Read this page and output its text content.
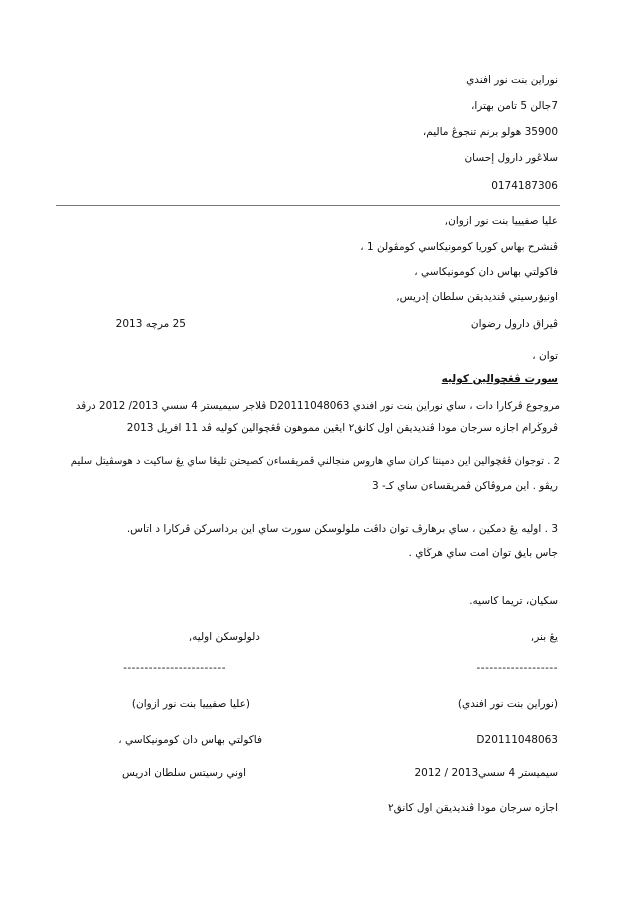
نوراين بنت نور افندي
7جالن 5 تامن بهترا،
35900 هولو برنم تنجوڠ ماليم،
سلاڠور دارول إحسان
0174187306
عليا صفيييا بنت نور ازوان,
ڤنشرح بهاس كوريا كومونيكاسي كومڤولن 1 ،
فاكولتي بهاس دان كومونيكاسي ،
اونيۏرسيتي ڤنديديقن سلطان إدريس,
ڤيراق دارول رضوان
25 مرچه 2013
توان ،
سورت ڤڠچوالين كوليه
مروجوع ڤركارا دات ، ساي نوراين بنت نور افندي D20111048063 ڤلاجر سيميستر 4 سسي 2013/ 2012 درڤد
ڤروڬرام اجازه سرجان مودا ڤنديديقن اول كانق٢ ايڠين مموهون ڤڠچوالين كوليه ڤد 11 افريل 2013
2 . توجوان ڤڠچوالين اين دمينتا كران ساي هاروس منجالني ڤمريقساءن كصيحتن تليڠا ساي يڠ ساكيت د هوسڤيتل سليم
ريڤو . اين مروڤاكن ڤمريقساءن ساي كـ- 3
3 . اوليه يڠ دمكين ، ساي برهارڤ توان داڤت ملولوسكن سورت ساي اين برداسركن ڤركارا د اتاس.
جاس بايق توان امت ساي هرڬاي .
سكيان، تريما كاسيه.
يڠ بنر,
دلولوسكن اوليه,
-------------------
------------------------
(نوراين بنت نور افندي)
(عليا صفيييا بنت نور ازوان)
D20111048063
فاكولتي بهاس دان كومونيكاسي ،
سيميستر 4 سسي2013 / 2012
اوني رسيتس سلطان ادريس
اجازه سرجان مودا ڤنديديقن اول كانق٢
